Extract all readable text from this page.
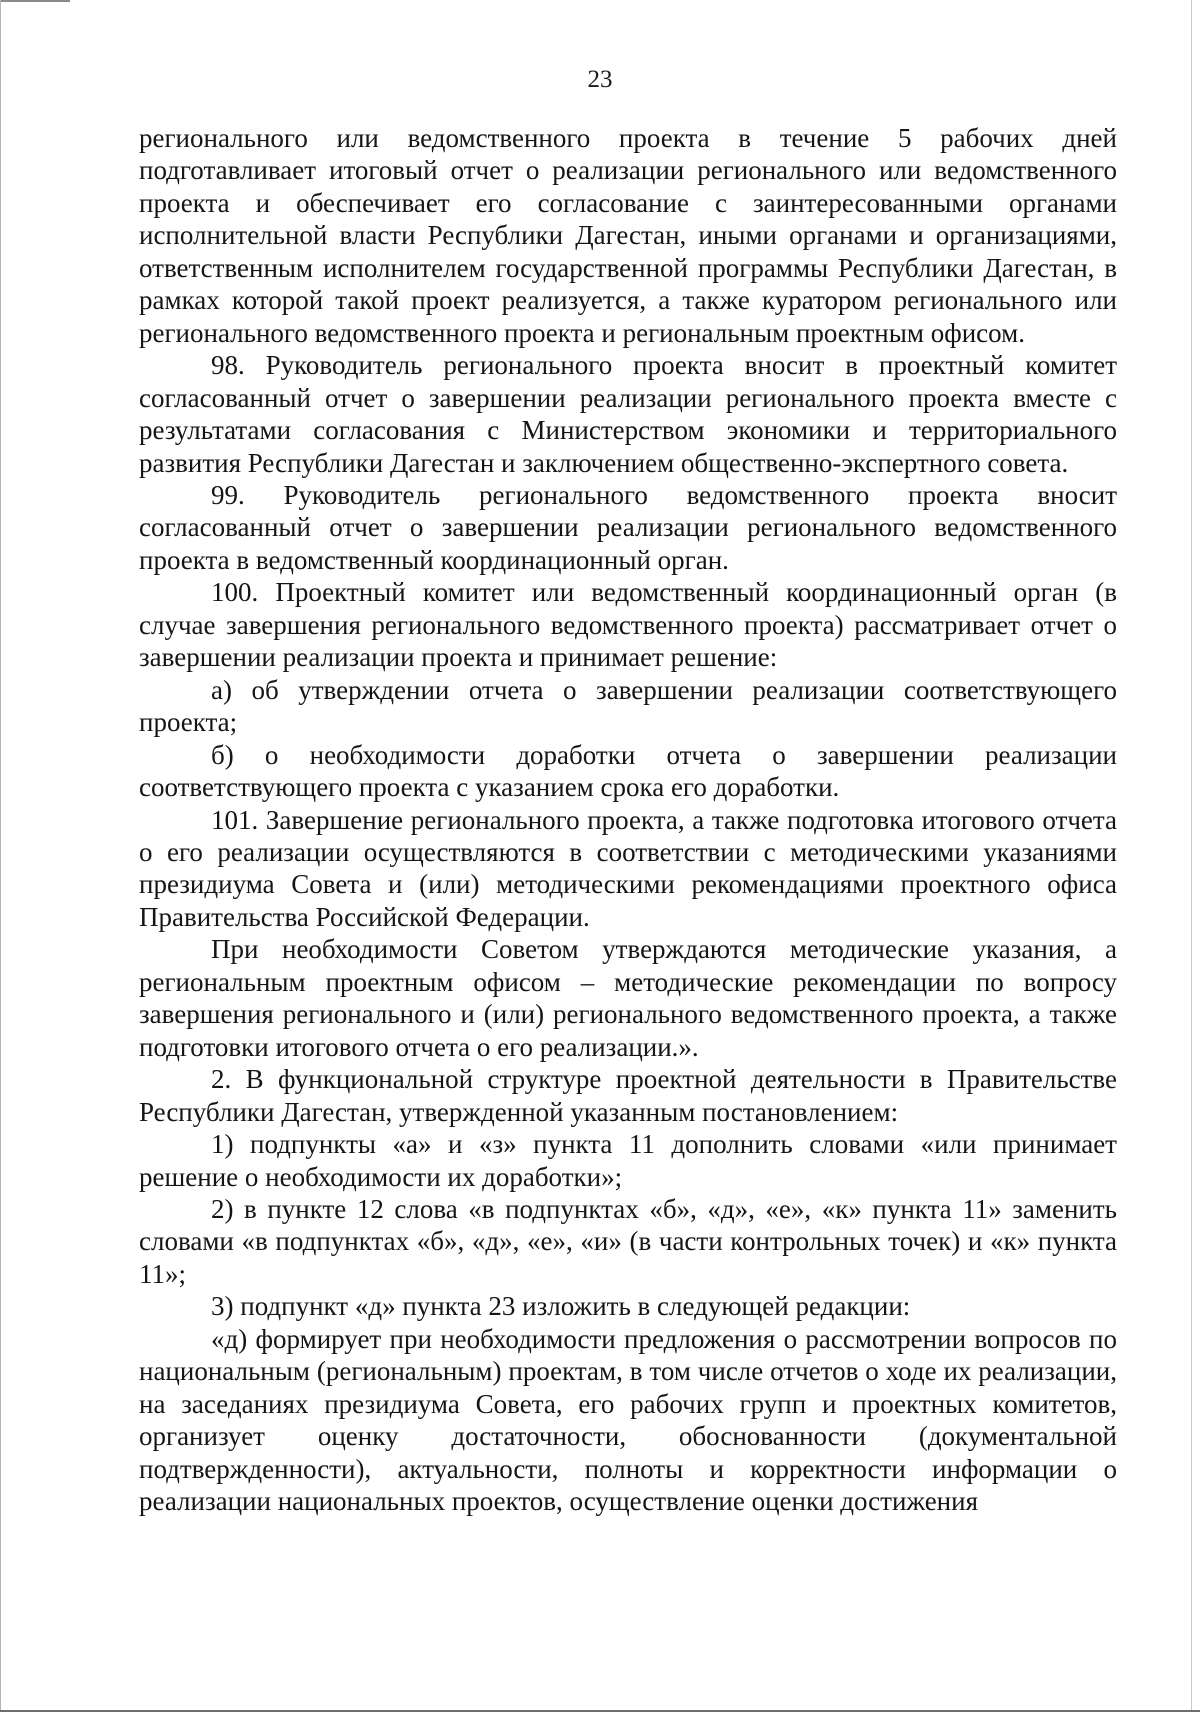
23

регионального или ведомственного проекта в течение 5 рабочих дней подготавливает итоговый отчет о реализации регионального или ведомственного проекта и обеспечивает его согласование с заинтересованными органами исполнительной власти Республики Дагестан, иными органами и организациями, ответственным исполнителем государственной программы Республики Дагестан, в рамках которой такой проект реализуется, а также куратором регионального или регионального ведомственного проекта и региональным проектным офисом.

98. Руководитель регионального проекта вносит в проектный комитет согласованный отчет о завершении реализации регионального проекта вместе с результатами согласования с Министерством экономики и территориального развития Республики Дагестан и заключением общественно-экспертного совета.

99. Руководитель регионального ведомственного проекта вносит согласованный отчет о завершении реализации регионального ведомственного проекта в ведомственный координационный орган.

100. Проектный комитет или ведомственный координационный орган (в случае завершения регионального ведомственного проекта) рассматривает отчет о завершении реализации проекта и принимает решение:

а) об утверждении отчета о завершении реализации соответствующего проекта;

б) о необходимости доработки отчета о завершении реализации соответствующего проекта с указанием срока его доработки.

101. Завершение регионального проекта, а также подготовка итогового отчета о его реализации осуществляются в соответствии с методическими указаниями президиума Совета и (или) методическими рекомендациями проектного офиса Правительства Российской Федерации.

При необходимости Советом утверждаются методические указания, а региональным проектным офисом – методические рекомендации по вопросу завершения регионального и (или) регионального ведомственного проекта, а также подготовки итогового отчета о его реализации.».

2. В функциональной структуре проектной деятельности в Правительстве Республики Дагестан, утвержденной указанным постановлением:

1) подпункты «а» и «з» пункта 11 дополнить словами «или принимает решение о необходимости их доработки»;

2) в пункте 12 слова «в подпунктах «б», «д», «е», «к» пункта 11» заменить словами «в подпунктах «б», «д», «е», «и» (в части контрольных точек) и «к» пункта 11»;

3) подпункт «д» пункта 23 изложить в следующей редакции:

«д) формирует при необходимости предложения о рассмотрении вопросов по национальным (региональным) проектам, в том числе отчетов о ходе их реализации, на заседаниях президиума Совета, его рабочих групп и проектных комитетов, организует оценку достаточности, обоснованности (документальной подтвержденности), актуальности, полноты и корректности информации о реализации национальных проектов, осуществление оценки достижения
